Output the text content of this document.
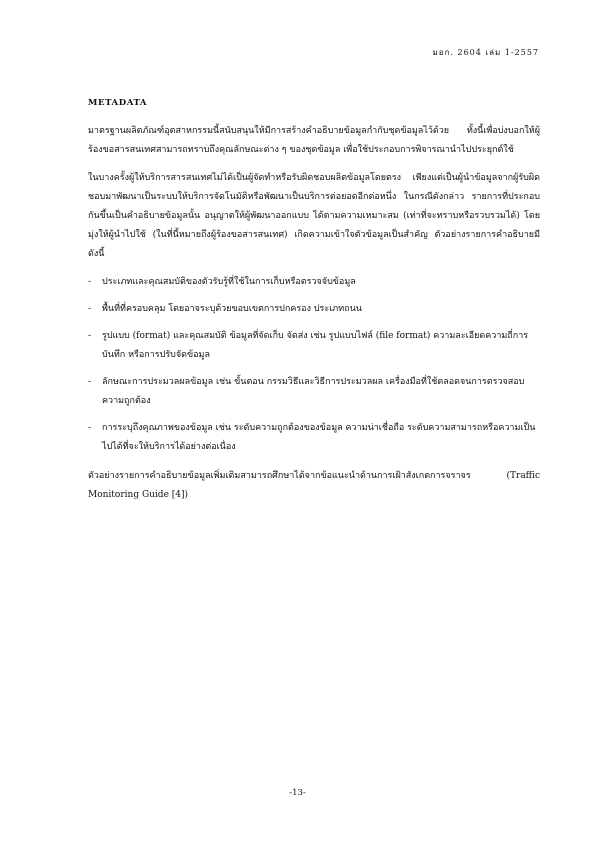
มอก. 2604 เล่ม 1-2557
METADATA

มาตรฐานผลิตภัณฑ์อุตสาหกรรมนี้สนับสนุนให้มีการสร้างคำอธิบายข้อมูลกำกับชุดข้อมูลไว้ด้วย ทั้งนี้เพื่อบ่งบอกให้ผู้ร้องขอสารสนเทศสามารถทราบถึงคุณลักษณะต่าง ๆ ของชุดข้อมูล เพื่อใช้ประกอบการพิจารณานำไปประยุกต์ใช้

ในบางครั้งผู้ให้บริการสารสนเทศไม่ได้เป็นผู้จัดทำหรือรับผิดชอบผลิตข้อมูลโดยตรง เพียงแต่เป็นผู้นำข้อมูลจากผู้รับผิดชอบมาพัฒนาเป็นระบบให้บริการจัดโนมัติหรือพัฒนาเป็นบริการต่อยอดอีกต่อหนึ่ง ในกรณีดังกล่าว รายการที่ประกอบกันขึ้นเป็นคำอธิบายข้อมูลนั้น อนุญาตให้ผู้พัฒนาออกแบบ ได้ตามความเหมาะสม (เท่าที่จะทราบหรือรวบรวมได้) โดยมุ่งให้ผู้นำไปใช้ (ในที่นี้หมายถึงผู้ร้องขอสารสนเทศ) เกิดความเข้าใจตัวข้อมูลเป็นสำคัญ ตัวอย่างรายการคำอธิบายมีดังนี้

- ประเภทและคุณสมบัติของตัวรับรู้ที่ใช้ในการเก็บหรือตรวจจับข้อมูล
- พื้นที่ที่ครอบคลุม โดยอาจระบุด้วยขอบเขตการปกครอง ประเภทถนน
- รูปแบบ (format) และคุณสมบัติ ข้อมูลที่จัดเก็บ จัดส่ง เช่น รูปแบบไฟล์ (file format) ความละเอียดความถี่การบันทึก หรือการปรับจัดข้อมูล
- ลักษณะการประมวลผลข้อมูล เช่น ขั้นตอน กรรมวิธีและวิธีการประมวลผล เครื่องมือที่ใช้ตลอดจนการตรวจสอบความถูกต้อง
- การระบุถึงคุณภาพของข้อมูล เช่น ระดับความถูกต้องของข้อมูล ความน่าเชื่อถือ ระดับความสามารถหรือความเป็นไปได้ที่จะให้บริการได้อย่างต่อเนื่อง

ตัวอย่างรายการคำอธิบายข้อมูลเพิ่มเติมสามารถศึกษาได้จากข้อแนะนำด้านการเฝ้าสังเกตการจราจร (Traffic Monitoring Guide [4])

-13-
